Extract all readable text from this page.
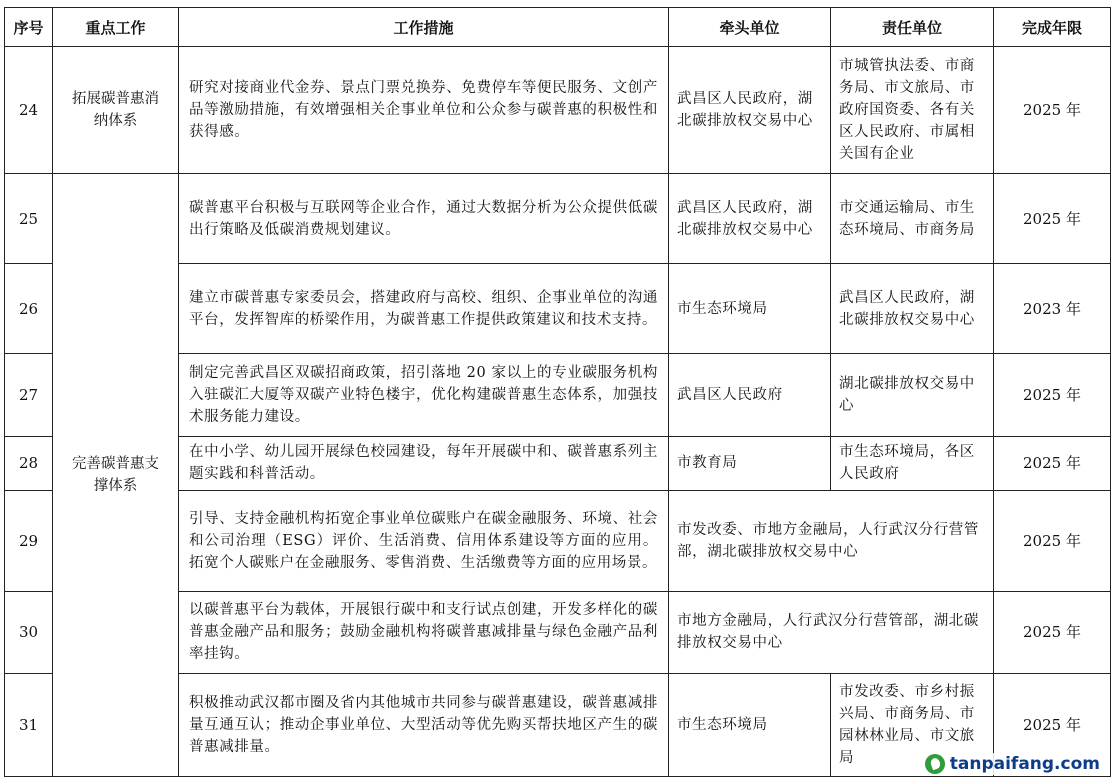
序号	重点工作	工作措施	牵头单位	责任单位	完成年限
24	拓展碳普惠消纳体系	研究对接商业代金券、景点门票兑换券、免费停车等便民服务、文创产品等激励措施，有效增强相关企事业单位和公众参与碳普惠的积极性和获得感。	武昌区人民政府，湖北碳排放权交易中心	市城管执法委、市商务局、市文旅局、市政府国资委、各有关区人民政府、市属相关国有企业	2025 年
25	完善碳普惠支撑体系	碳普惠平台积极与互联网等企业合作，通过大数据分析为公众提供低碳出行策略及低碳消费规划建议。	武昌区人民政府，湖北碳排放权交易中心	市交通运输局、市生态环境局、市商务局	2025 年
26		建立市碳普惠专家委员会，搭建政府与高校、组织、企事业单位的沟通平台，发挥智库的桥梁作用，为碳普惠工作提供政策建议和技术支持。	市生态环境局	武昌区人民政府，湖北碳排放权交易中心	2023 年
27		制定完善武昌区双碳招商政策，招引落地 20 家以上的专业碳服务机构入驻碳汇大厦等双碳产业特色楼宇，优化构建碳普惠生态体系，加强技术服务能力建设。	武昌区人民政府	湖北碳排放权交易中心	2025 年
28		在中小学、幼儿园开展绿色校园建设，每年开展碳中和、碳普惠系列主题实践和科普活动。	市教育局	市生态环境局，各区人民政府	2025 年
29		引导、支持金融机构拓宽企事业单位碳账户在碳金融服务、环境、社会和公司治理（ESG）评价、生活消费、信用体系建设等方面的应用。拓宽个人碳账户在金融服务、零售消费、生活缴费等方面的应用场景。	市发改委、市地方金融局，人行武汉分行营管部，湖北碳排放权交易中心		2025 年
30		以碳普惠平台为载体，开展银行碳中和支行试点创建，开发多样化的碳普惠金融产品和服务；鼓励金融机构将碳普惠减排量与绿色金融产品利率挂钩。	市地方金融局，人行武汉分行营管部，湖北碳排放权交易中心		2025 年
31		积极推动武汉都市圈及省内其他城市共同参与碳普惠建设，碳普惠减排量互通互认；推动企事业单位、大型活动等优先购买帮扶地区产生的碳普惠减排量。	市生态环境局	市发改委、市乡村振兴局、市商务局、市园林林业局、市文旅局	2025 年
tanpaifang.com
